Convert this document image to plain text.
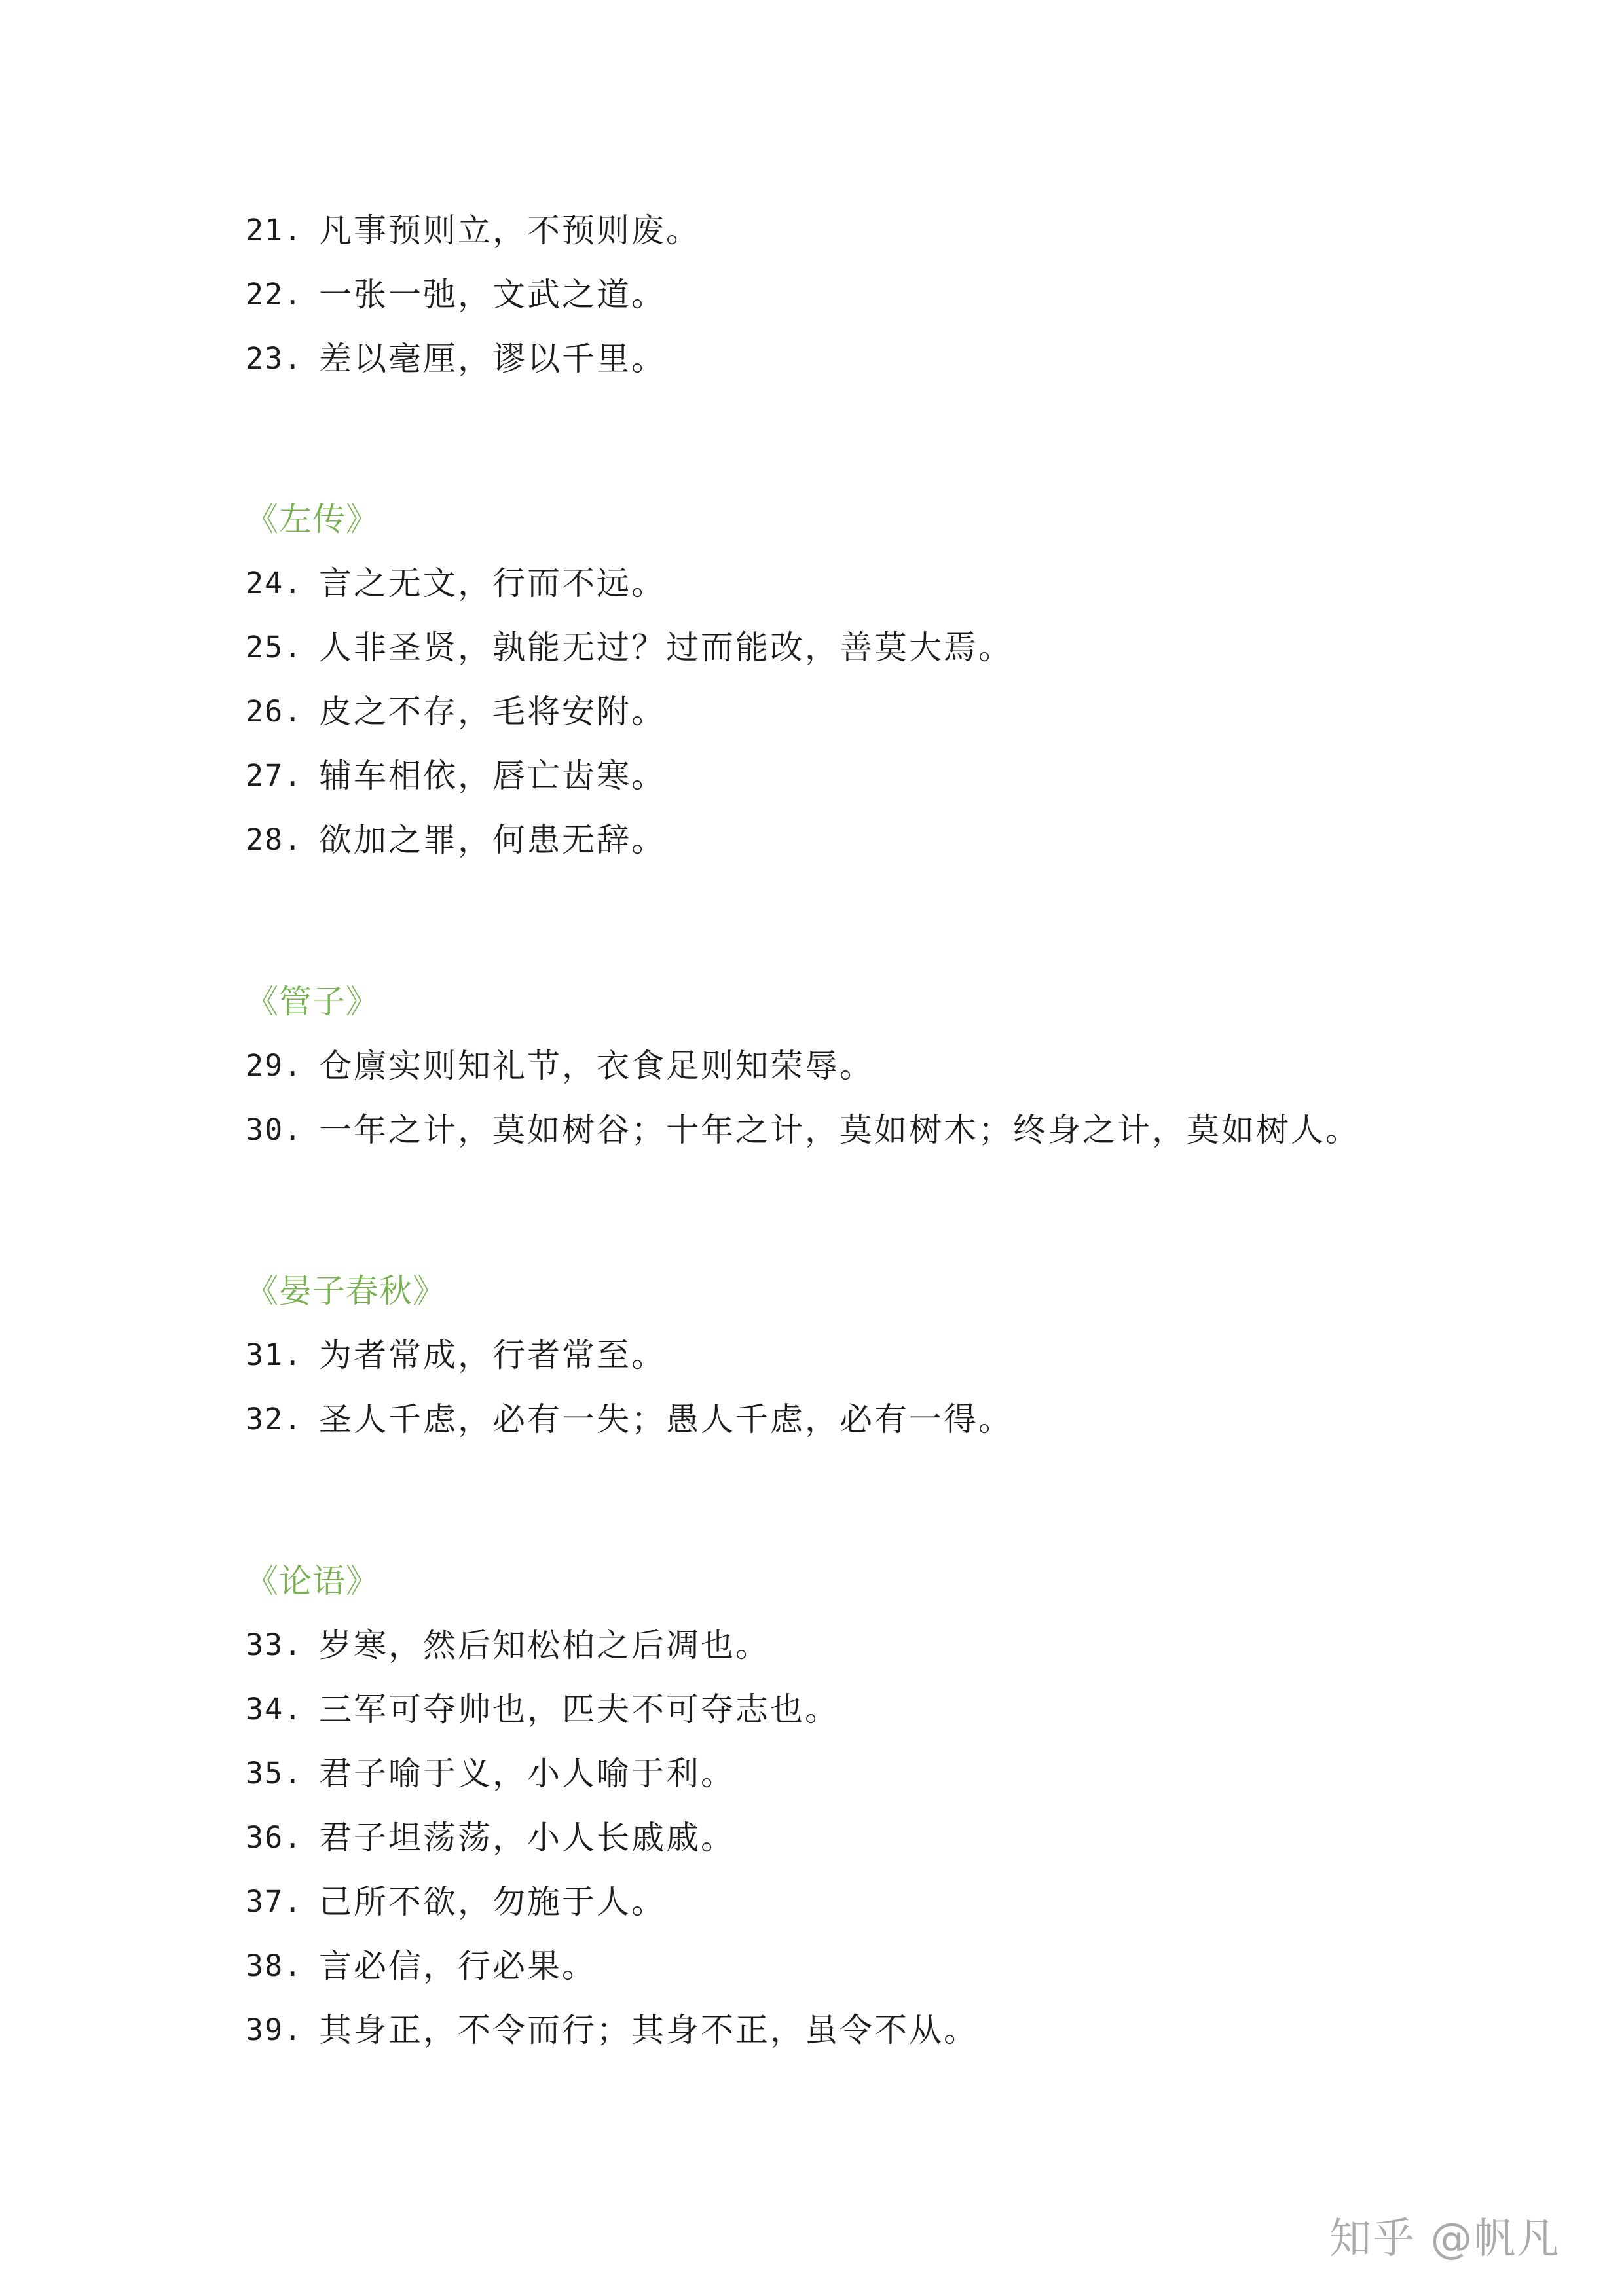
21. 凡事预则立，不预则废。
22. 一张一弛，文武之道。
23. 差以毫厘，谬以千里。
《左传》
24. 言之无文，行而不远。
25. 人非圣贤，孰能无过？过而能改，善莫大焉。
26. 皮之不存，毛将安附。
27. 辅车相依，唇亡齿寒。
28. 欲加之罪，何患无辞。
《管子》
29. 仓廪实则知礼节，衣食足则知荣辱。
30. 一年之计，莫如树谷；十年之计，莫如树木；终身之计，莫如树人。
《晏子春秋》
31. 为者常成，行者常至。
32. 圣人千虑，必有一失；愚人千虑，必有一得。
《论语》
33. 岁寒，然后知松柏之后凋也。
34. 三军可夺帅也，匹夫不可夺志也。
35. 君子喻于义，小人喻于利。
36. 君子坦荡荡，小人长戚戚。
37. 己所不欲，勿施于人。
38. 言必信，行必果。
39. 其身正，不令而行；其身不正，虽令不从。
知乎 @帆凡
